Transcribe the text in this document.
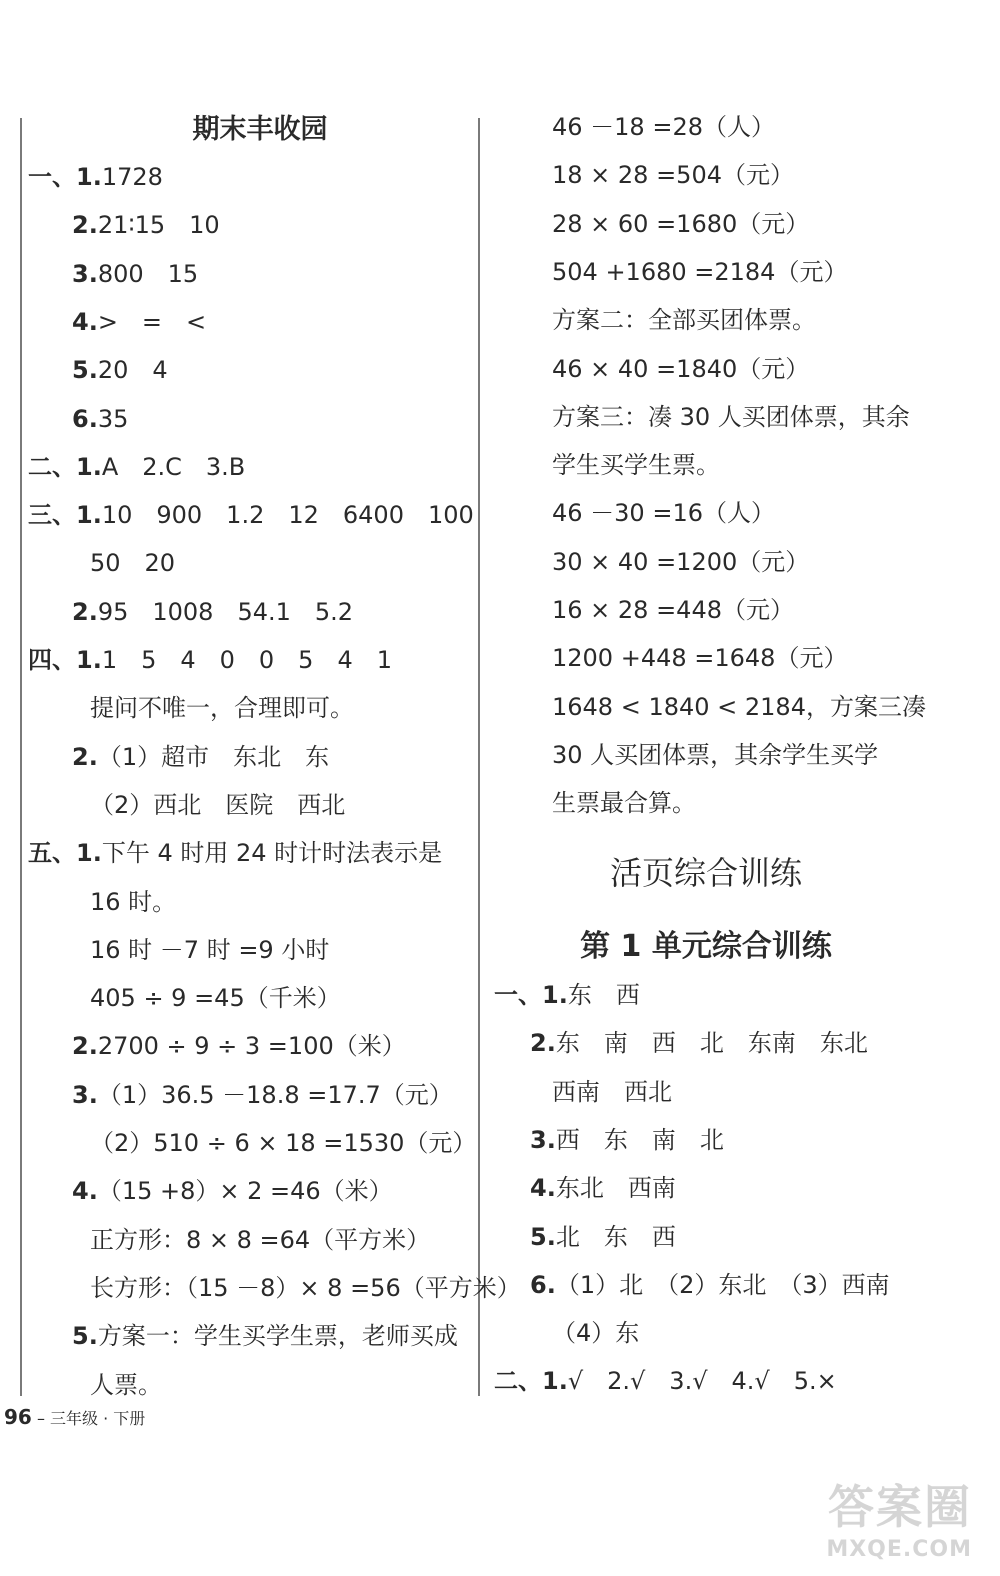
期末丰收园
一、1.1728
2.21∶15　10
3.800　15
4.>　=　<
5.20　4
6.35
二、1.A　2.C　3.B
三、1.10　900　1.2　12　6400　100
50　20
2.95　1008　54.1　5.2
四、1.1　5　4　0　0　5　4　1
提问不唯一，合理即可。
2.（1）超市　东北　东
（2）西北　医院　西北
五、1.下午 4 时用 24 时计时法表示是
16 时。
16 时 －7 时 =9 小时
405 ÷ 9 =45（千米）
2.2700 ÷ 9 ÷ 3 =100（米）
3.（1）36.5 －18.8 =17.7（元）
（2）510 ÷ 6 × 18 =1530（元）
4.（15 +8）× 2 =46（米）
正方形：8 × 8 =64（平方米）
长方形：（15 －8）× 8 =56（平方米）
5.方案一：学生买学生票，老师买成
人票。
46 －18 =28（人）
18 × 28 =504（元）
28 × 60 =1680（元）
504 +1680 =2184（元）
方案二：全部买团体票。
46 × 40 =1840（元）
方案三：凑 30 人买团体票，其余
学生买学生票。
46 －30 =16（人）
30 × 40 =1200（元）
16 × 28 =448（元）
1200 +448 =1648（元）
1648 < 1840 < 2184，方案三凑
30 人买团体票，其余学生买学
生票最合算。
活页综合训练
第 1 单元综合训练
一、1.东　西
2.东　南　西　北　东南　东北
西南　西北
3.西　东　南　北
4.东北　西南
5.北　东　西
6.（1）北　（2）东北　（3）西南
（4）东
二、1.√　2.√　3.√　4.√　5.×
96 – 三年级 · 下册
答案圈
MXQE.COM
